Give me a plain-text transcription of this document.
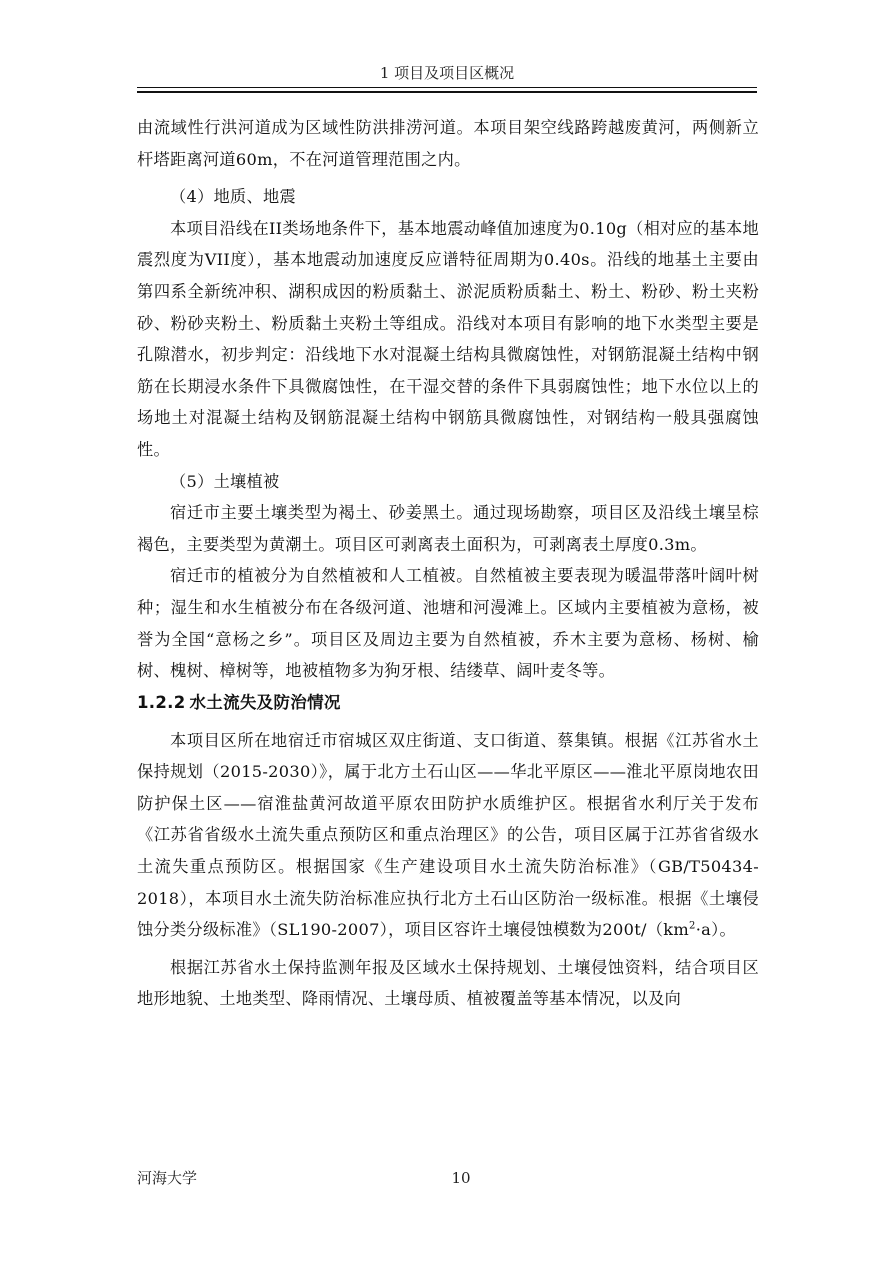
1 项目及项目区概况

由流域性行洪河道成为区域性防洪排涝河道。本项目架空线路跨越废黄河，两侧新立杆塔距离河道60m，不在河道管理范围之内。

（4）地质、地震

本项目沿线在II类场地条件下，基本地震动峰值加速度为0.10g（相对应的基本地震烈度为VII度），基本地震动加速度反应谱特征周期为0.40s。沿线的地基土主要由第四系全新统冲积、湖积成因的粉质黏土、淤泥质粉质黏土、粉土、粉砂、粉土夹粉砂、粉砂夹粉土、粉质黏土夹粉土等组成。沿线对本项目有影响的地下水类型主要是孔隙潜水，初步判定：沿线地下水对混凝土结构具微腐蚀性，对钢筋混凝土结构中钢筋在长期浸水条件下具微腐蚀性，在干湿交替的条件下具弱腐蚀性；地下水位以上的场地土对混凝土结构及钢筋混凝土结构中钢筋具微腐蚀性，对钢结构一般具强腐蚀性。

（5）土壤植被

宿迁市主要土壤类型为褐土、砂姜黑土。通过现场勘察，项目区及沿线土壤呈棕褐色，主要类型为黄潮土。项目区可剥离表土面积为，可剥离表土厚度0.3m。

宿迁市的植被分为自然植被和人工植被。自然植被主要表现为暖温带落叶阔叶树种；湿生和水生植被分布在各级河道、池塘和河漫滩上。区域内主要植被为意杨，被誉为全国“意杨之乡”。项目区及周边主要为自然植被，乔木主要为意杨、杨树、榆树、槐树、樟树等，地被植物多为狗牙根、结缕草、阔叶麦冬等。

1.2.2 水土流失及防治情况

本项目区所在地宿迁市宿城区双庄街道、支口街道、蔡集镇。根据《江苏省水土保持规划（2015-2030）》，属于北方土石山区——华北平原区——淮北平原岗地农田防护保土区——宿淮盐黄河故道平原农田防护水质维护区。根据省水利厅关于发布《江苏省省级水土流失重点预防区和重点治理区》的公告，项目区属于江苏省省级水土流失重点预防区。根据国家《生产建设项目水土流失防治标准》（GB/T50434-2018），本项目水土流失防治标准应执行北方土石山区防治一级标准。根据《土壤侵蚀分类分级标准》（SL190-2007），项目区容许土壤侵蚀模数为$200t/(km^2\cdot a)$。

根据江苏省水土保持监测年报及区域水土保持规划、土壤侵蚀资料，结合项目区地形地貌、土地类型、降雨情况、土壤母质、植被覆盖等基本情况，以及向

河海大学	10
